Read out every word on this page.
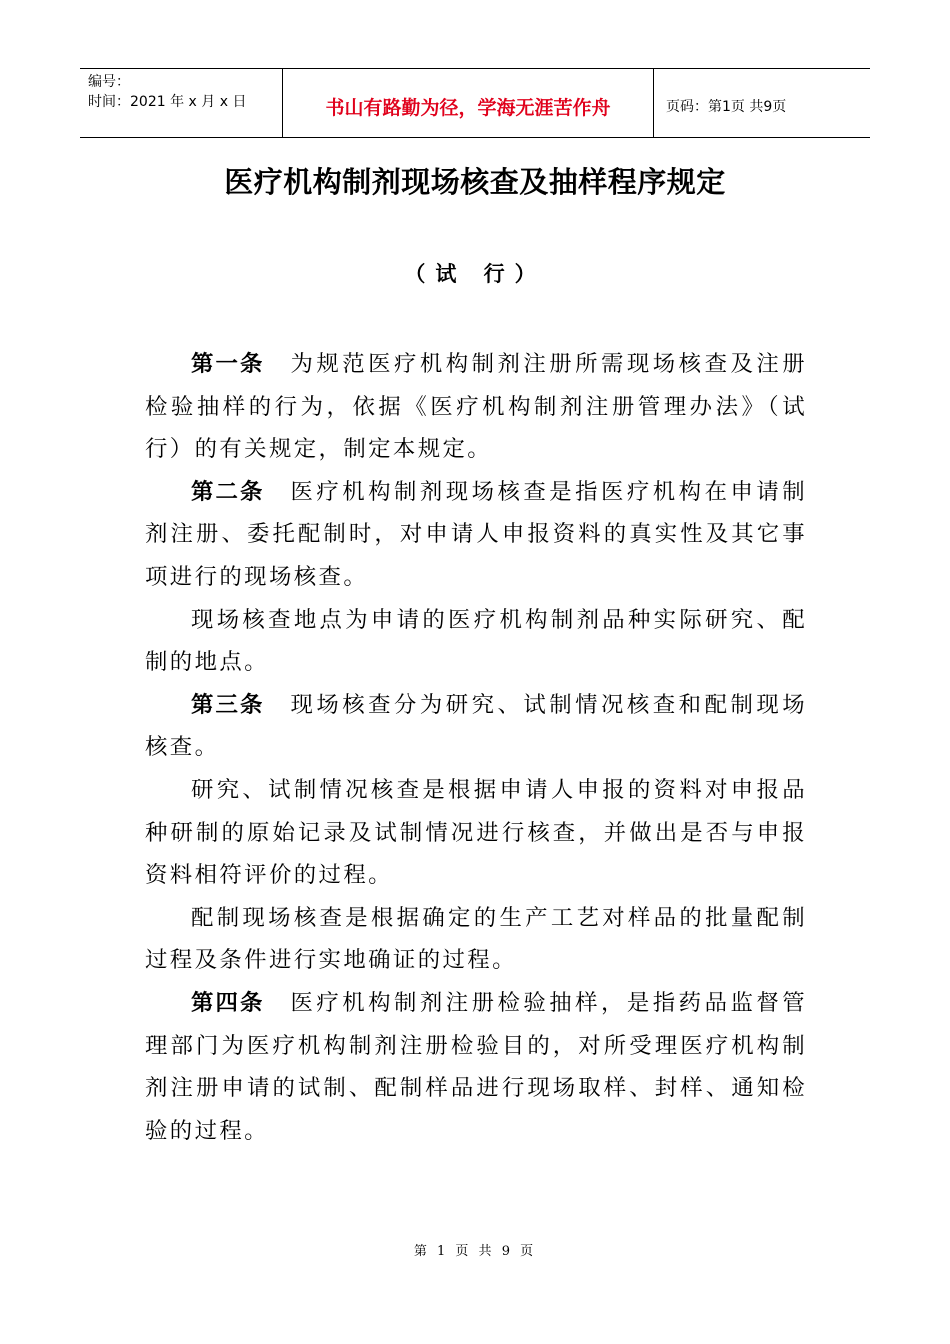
编号：
时间：2021 年 x 月 x 日	书山有路勤为径，学海无涯苦作舟	页码：第1页 共9页
医疗机构制剂现场核查及抽样程序规定
（试 行）

第一条 为规范医疗机构制剂注册所需现场核查及注册检验抽样的行为，依据《医疗机构制剂注册管理办法》（试行）的有关规定，制定本规定。

第二条 医疗机构制剂现场核查是指医疗机构在申请制剂注册、委托配制时，对申请人申报资料的真实性及其它事项进行的现场核查。

现场核查地点为申请的医疗机构制剂品种实际研究、配制的地点。

第三条 现场核查分为研究、试制情况核查和配制现场核查。

研究、试制情况核查是根据申请人申报的资料对申报品种研制的原始记录及试制情况进行核查，并做出是否与申报资料相符评价的过程。

配制现场核查是根据确定的生产工艺对样品的批量配制过程及条件进行实地确证的过程。

第四条 医疗机构制剂注册检验抽样，是指药品监督管理部门为医疗机构制剂注册检验目的，对所受理医疗机构制剂注册申请的试制、配制样品进行现场取样、封样、通知检验的过程。

第 1 页 共 9 页
